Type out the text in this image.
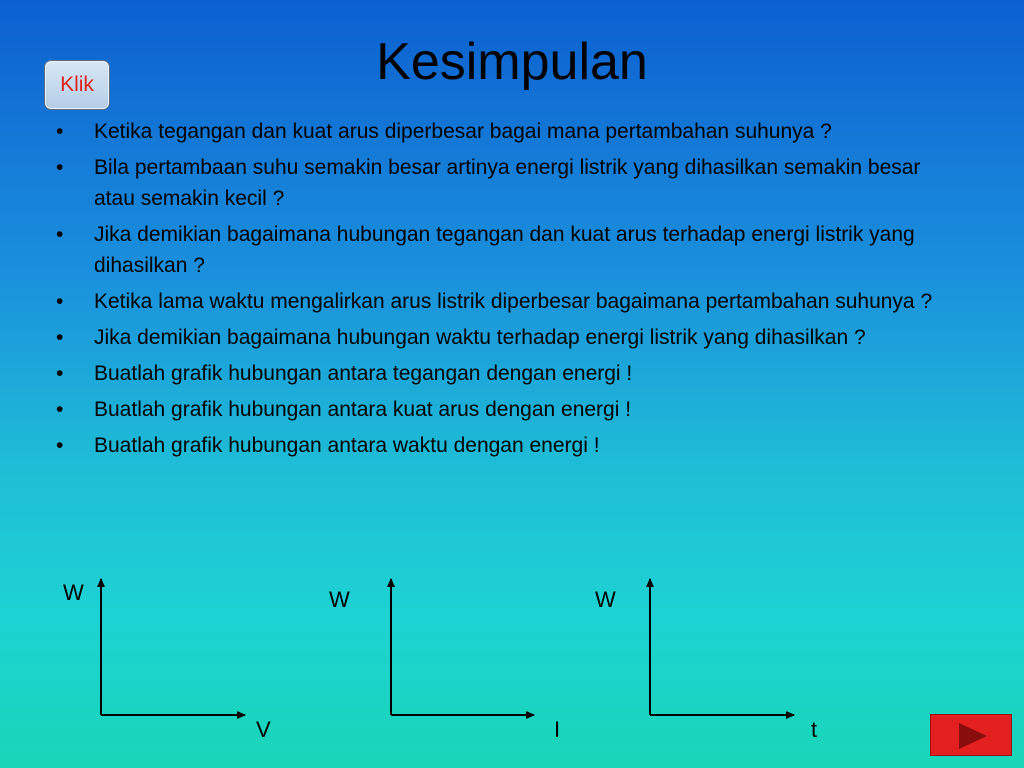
Kesimpulan
Klik
• Ketika tegangan dan kuat arus diperbesar bagai mana pertambahan suhunya ?
• Bila pertambaan suhu semakin besar artinya energi listrik yang dihasilkan semakin besar atau semakin kecil ?
• Jika demikian bagaimana hubungan tegangan dan kuat arus terhadap energi listrik yang dihasilkan ?
• Ketika lama waktu mengalirkan arus listrik diperbesar bagaimana pertambahan suhunya ?
• Jika demikian bagaimana hubungan waktu terhadap energi listrik yang dihasilkan ?
• Buatlah grafik hubungan antara tegangan dengan energi !
• Buatlah grafik hubungan antara kuat arus dengan energi !
• Buatlah grafik hubungan antara waktu dengan energi !
W
V
W
I
W
t
